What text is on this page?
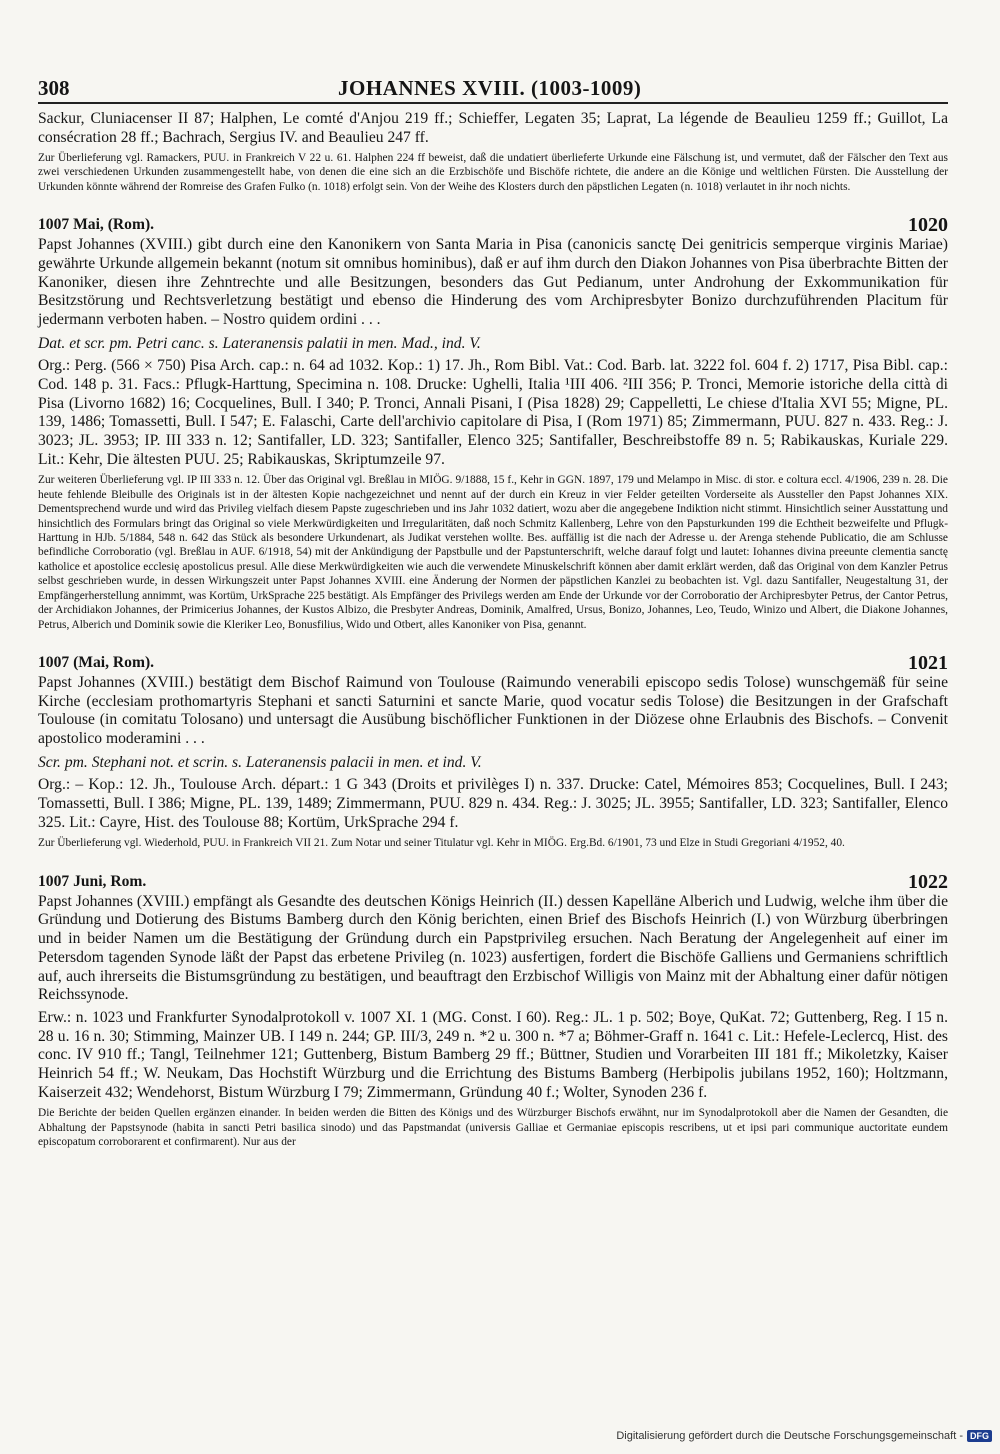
308	JOHANNES XVIII. (1003-1009)

Sackur, Cluniacenser II 87; Halphen, Le comté d'Anjou 219 ff.; Schieffer, Legaten 35; Laprat, La légende de Beaulieu 1259 ff.; Guillot, La consécration 28 ff.; Bachrach, Sergius IV. and Beaulieu 247 ff.

Zur Überlieferung vgl. Ramackers, PUU. in Frankreich V 22 u. 61. Halphen 224 ff beweist, daß die undatiert überlieferte Urkunde eine Fälschung ist, und vermutet, daß der Fälscher den Text aus zwei verschiedenen Urkunden zusammengestellt habe, von denen die eine sich an die Erzbischöfe und Bischöfe richtete, die andere an die Könige und weltlichen Fürsten. Die Ausstellung der Urkunden könnte während der Romreise des Grafen Fulko (n. 1018) erfolgt sein. Von der Weihe des Klosters durch den päpstlichen Legaten (n. 1018) verlautet in ihr noch nichts.

1007 Mai, (Rom).	1020

Papst Johannes (XVIII.) gibt durch eine den Kanonikern von Santa Maria in Pisa (canonicis sanctę Dei genitricis semperque virginis Mariae) gewährte Urkunde allgemein bekannt (notum sit omnibus hominibus), daß er auf ihm durch den Diakon Johannes von Pisa überbrachte Bitten der Kanoniker, diesen ihre Zehntrechte und alle Besitzungen, besonders das Gut Pedianum, unter Androhung der Exkommunikation für Besitzstörung und Rechtsverletzung bestätigt und ebenso die Hinderung des vom Archipresbyter Bonizo durchzuführenden Placitum für jedermann verboten haben. – Nostro quidem ordini . . .

Dat. et scr. pm. Petri canc. s. Lateranensis palatii in men. Mad., ind. V.

Org.: Perg. (566 × 750) Pisa Arch. cap.: n. 64 ad 1032. Kop.: 1) 17. Jh., Rom Bibl. Vat.: Cod. Barb. lat. 3222 fol. 604 f. 2) 1717, Pisa Bibl. cap.: Cod. 148 p. 31. Facs.: Pflugk-Harttung, Specimina n. 108. Drucke: Ughelli, Italia ¹III 406. ²III 356; P. Tronci, Memorie istoriche della città di Pisa (Livorno 1682) 16; Cocquelines, Bull. I 340; P. Tronci, Annali Pisani, I (Pisa 1828) 29; Cappelletti, Le chiese d'Italia XVI 55; Migne, PL. 139, 1486; Tomassetti, Bull. I 547; E. Falaschi, Carte dell'archivio capitolare di Pisa, I (Rom 1971) 85; Zimmermann, PUU. 827 n. 433. Reg.: J. 3023; JL. 3953; IP. III 333 n. 12; Santifaller, LD. 323; Santifaller, Elenco 325; Santifaller, Beschreibstoffe 89 n. 5; Rabikauskas, Kuriale 229. Lit.: Kehr, Die ältesten PUU. 25; Rabikauskas, Skriptumzeile 97.

Zur weiteren Überlieferung vgl. IP III 333 n. 12. Über das Original vgl. Breßlau in MIÖG. 9/1888, 15 f., Kehr in GGN. 1897, 179 und Melampo in Misc. di stor. e coltura eccl. 4/1906, 239 n. 28. Die heute fehlende Bleibulle des Originals ist in der ältesten Kopie nachgezeichnet und nennt auf der durch ein Kreuz in vier Felder geteilten Vorderseite als Aussteller den Papst Johannes XIX. Dementsprechend wurde und wird das Privileg vielfach diesem Papste zugeschrieben und ins Jahr 1032 datiert, wozu aber die angegebene Indiktion nicht stimmt. Hinsichtlich seiner Ausstattung und hinsichtlich des Formulars bringt das Original so viele Merkwürdigkeiten und Irregularitäten, daß noch Schmitz Kallenberg, Lehre von den Papsturkunden 199 die Echtheit bezweifelte und Pflugk-Harttung in HJb. 5/1884, 548 n. 642 das Stück als besondere Urkundenart, als Judikat verstehen wollte. Bes. auffällig ist die nach der Adresse u. der Arenga stehende Publicatio, die am Schlusse befindliche Corroboratio (vgl. Breßlau in AUF. 6/1918, 54) mit der Ankündigung der Papstbulle und der Papstunterschrift, welche darauf folgt und lautet: Iohannes divina preeunte clementia sanctę katholice et apostolice ecclesię apostolicus presul. Alle diese Merkwürdigkeiten wie auch die verwendete Minuskelschrift können aber damit erklärt werden, daß das Original von dem Kanzler Petrus selbst geschrieben wurde, in dessen Wirkungszeit unter Papst Johannes XVIII. eine Änderung der Normen der päpstlichen Kanzlei zu beobachten ist. Vgl. dazu Santifaller, Neugestaltung 31, der Empfängerherstellung annimmt, was Kortüm, UrkSprache 225 bestätigt. Als Empfänger des Privilegs werden am Ende der Urkunde vor der Corroboratio der Archipresbyter Petrus, der Cantor Petrus, der Archidiakon Johannes, der Primicerius Johannes, der Kustos Albizo, die Presbyter Andreas, Dominik, Amalfred, Ursus, Bonizo, Johannes, Leo, Teudo, Winizo und Albert, die Diakone Johannes, Petrus, Alberich und Dominik sowie die Kleriker Leo, Bonusfilius, Wido und Otbert, alles Kanoniker von Pisa, genannt.

1007 (Mai, Rom).	1021

Papst Johannes (XVIII.) bestätigt dem Bischof Raimund von Toulouse (Raimundo venerabili episcopo sedis Tolose) wunschgemäß für seine Kirche (ecclesiam prothomartyris Stephani et sancti Saturnini et sancte Marie, quod vocatur sedis Tolose) die Besitzungen in der Grafschaft Toulouse (in comitatu Tolosano) und untersagt die Ausübung bischöflicher Funktionen in der Diözese ohne Erlaubnis des Bischofs. – Convenit apostolico moderamini . . .

Scr. pm. Stephani not. et scrin. s. Lateranensis palacii in men. et ind. V.

Org.: – Kop.: 12. Jh., Toulouse Arch. départ.: 1 G 343 (Droits et privilèges I) n. 337. Drucke: Catel, Mémoires 853; Cocquelines, Bull. I 243; Tomassetti, Bull. I 386; Migne, PL. 139, 1489; Zimmermann, PUU. 829 n. 434. Reg.: J. 3025; JL. 3955; Santifaller, LD. 323; Santifaller, Elenco 325. Lit.: Cayre, Hist. des Toulouse 88; Kortüm, UrkSprache 294 f.

Zur Überlieferung vgl. Wiederhold, PUU. in Frankreich VII 21. Zum Notar und seiner Titulatur vgl. Kehr in MIÖG. Erg.Bd. 6/1901, 73 und Elze in Studi Gregoriani 4/1952, 40.

1007 Juni, Rom.	1022

Papst Johannes (XVIII.) empfängt als Gesandte des deutschen Königs Heinrich (II.) dessen Kapelläne Alberich und Ludwig, welche ihm über die Gründung und Dotierung des Bistums Bamberg durch den König berichten, einen Brief des Bischofs Heinrich (I.) von Würzburg überbringen und in beider Namen um die Bestätigung der Gründung durch ein Papstprivileg ersuchen. Nach Beratung der Angelegenheit auf einer im Petersdom tagenden Synode läßt der Papst das erbetene Privileg (n. 1023) ausfertigen, fordert die Bischöfe Galliens und Germaniens schriftlich auf, auch ihrerseits die Bistumsgründung zu bestätigen, und beauftragt den Erzbischof Willigis von Mainz mit der Abhaltung einer dafür nötigen Reichssynode.

Erw.: n. 1023 und Frankfurter Synodalprotokoll v. 1007 XI. 1 (MG. Const. I 60). Reg.: JL. 1 p. 502; Boye, QuKat. 72; Guttenberg, Reg. I 15 n. 28 u. 16 n. 30; Stimming, Mainzer UB. I 149 n. 244; GP. III/3, 249 n. *2 u. 300 n. *7 a; Böhmer-Graff n. 1641 c. Lit.: Hefele-Leclercq, Hist. des conc. IV 910 ff.; Tangl, Teilnehmer 121; Guttenberg, Bistum Bamberg 29 ff.; Büttner, Studien und Vorarbeiten III 181 ff.; Mikoletzky, Kaiser Heinrich 54 ff.; W. Neukam, Das Hochstift Würzburg und die Errichtung des Bistums Bamberg (Herbipolis jubilans 1952, 160); Holtzmann, Kaiserzeit 432; Wendehorst, Bistum Würzburg I 79; Zimmermann, Gründung 40 f.; Wolter, Synoden 236 f.

Die Berichte der beiden Quellen ergänzen einander. In beiden werden die Bitten des Königs und des Würzburger Bischofs erwähnt, nur im Synodalprotokoll aber die Namen der Gesandten, die Abhaltung der Papstsynode (habita in sancti Petri basilica sinodo) und das Papstmandat (universis Galliae et Germaniae episcopis rescribens, ut et ipsi pari communique auctoritate eundem episcopatum corroborarent et confirmarent). Nur aus der

Digitalisierung gefördert durch die Deutsche Forschungsgemeinschaft - DFG
